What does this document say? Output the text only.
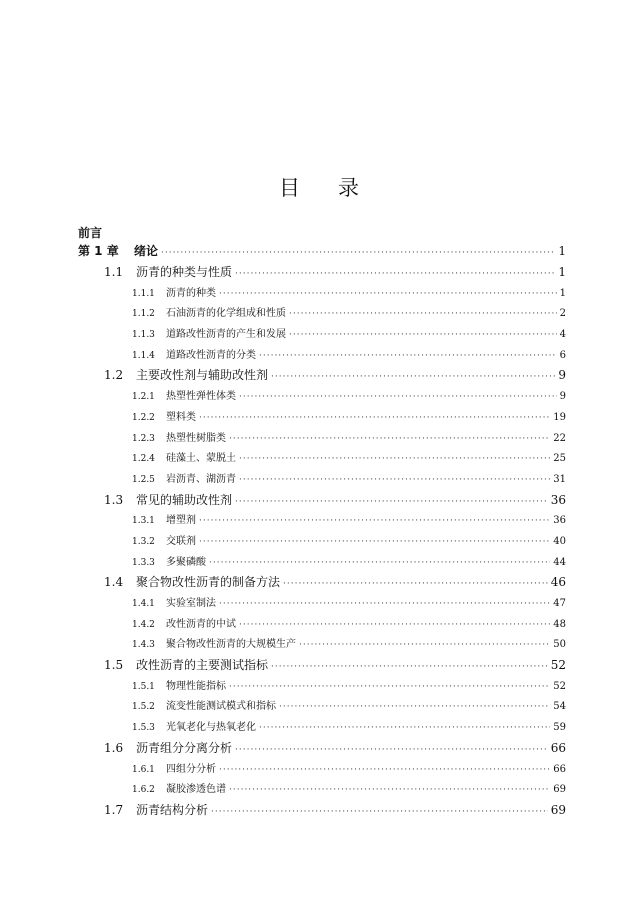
目 录
前言
第 1 章	绪论 ·····	1
1.1	沥青的种类与性质 ·····	1
1.1.1	沥青的种类 ·····	1
1.1.2	石油沥青的化学组成和性质 ·····	2
1.1.3	道路改性沥青的产生和发展 ·····	4
1.1.4	道路改性沥青的分类 ·····	6
1.2	主要改性剂与辅助改性剂 ·····	9
1.2.1	热塑性弹性体类 ·····	9
1.2.2	塑料类 ·····	19
1.2.3	热塑性树脂类 ·····	22
1.2.4	硅藻土、蒙脱土 ·····	25
1.2.5	岩沥青、湖沥青 ·····	31
1.3	常见的辅助改性剂 ·····	36
1.3.1	增塑剂 ·····	36
1.3.2	交联剂 ·····	40
1.3.3	多聚磷酸 ·····	44
1.4	聚合物改性沥青的制备方法 ·····	46
1.4.1	实验室制法 ·····	47
1.4.2	改性沥青的中试 ·····	48
1.4.3	聚合物改性沥青的大规模生产 ·····	50
1.5	改性沥青的主要测试指标 ·····	52
1.5.1	物理性能指标 ·····	52
1.5.2	流变性能测试模式和指标 ·····	54
1.5.3	光氧老化与热氧老化 ·····	59
1.6	沥青组分分离分析 ·····	66
1.6.1	四组分分析 ·····	66
1.6.2	凝胶渗透色谱 ·····	69
1.7	沥青结构分析 ·····	69
